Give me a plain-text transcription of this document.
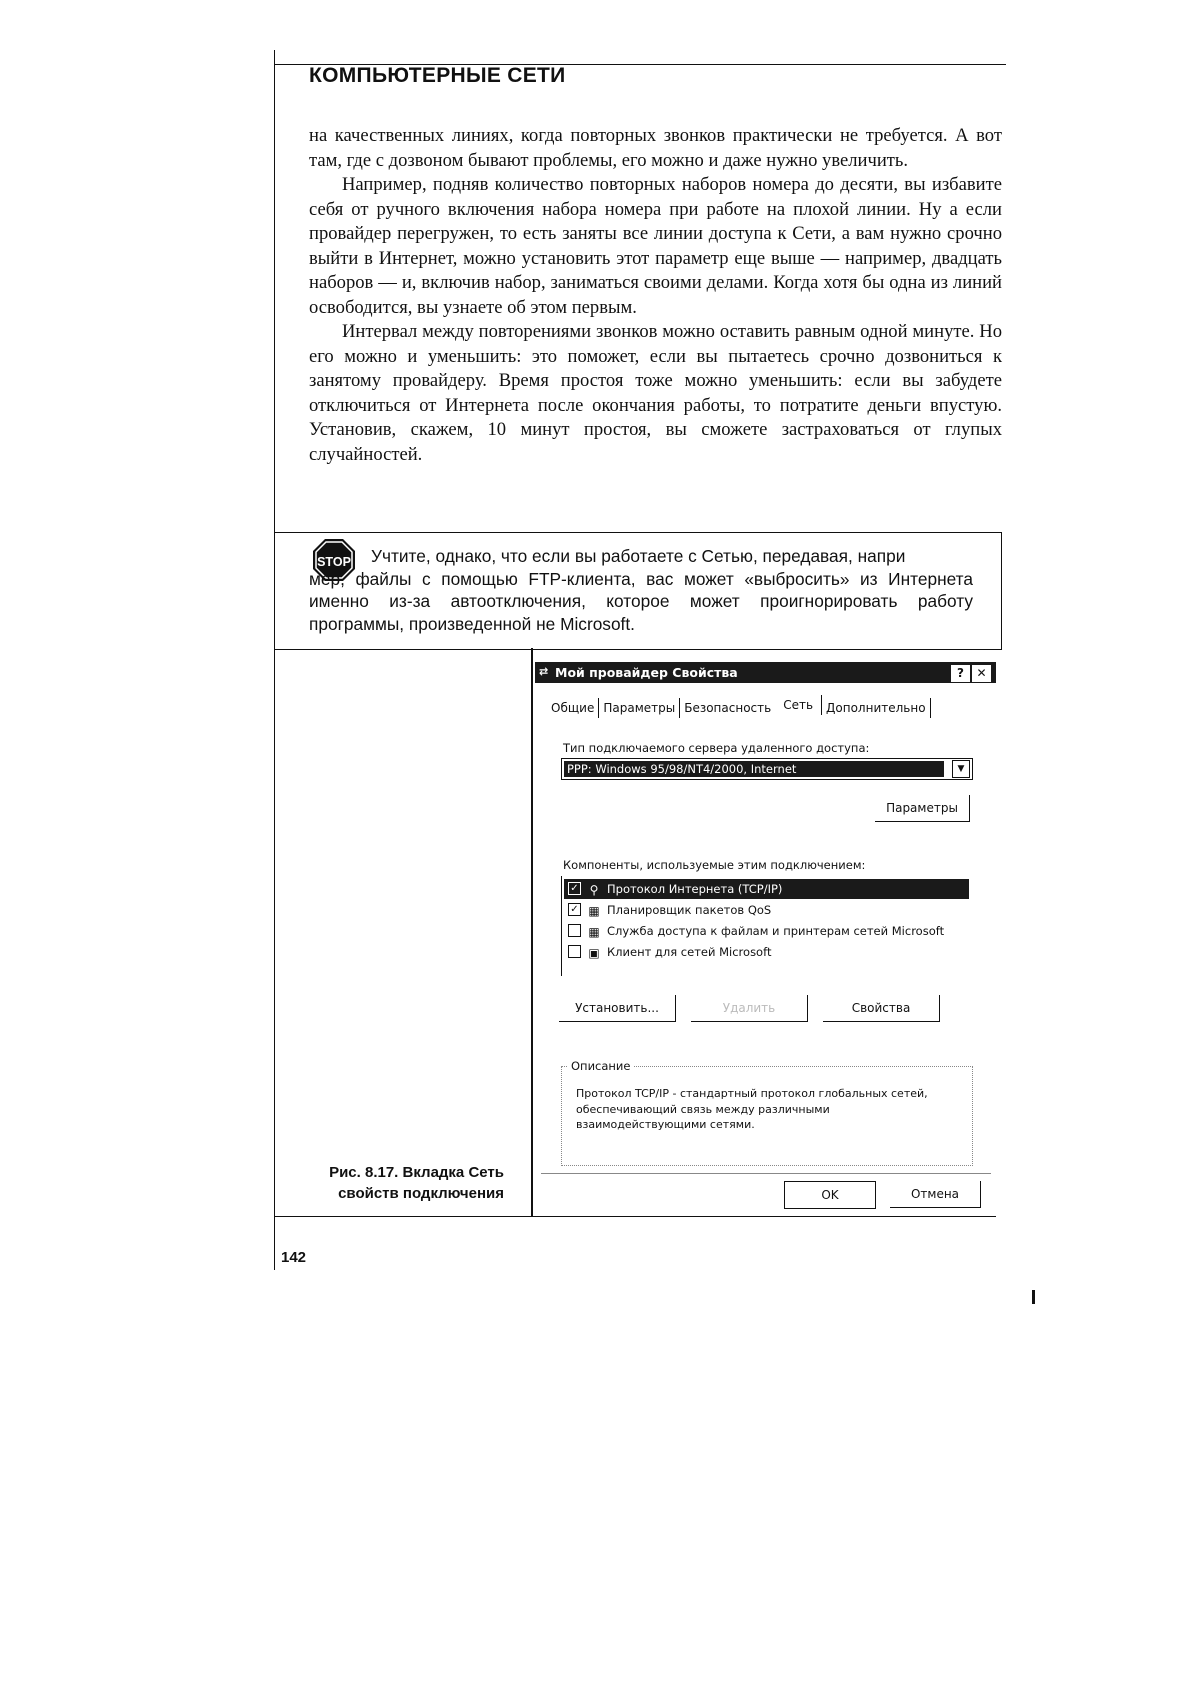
КОМПЬЮТЕРНЫЕ СЕТИ

на качественных линиях, когда повторных звонков практически не требуется. А вот там, где с дозвоном бывают проблемы, его можно и даже нужно увеличить.

Например, подняв количество повторных наборов номера до десяти, вы избавите себя от ручного включения набора номера при работе на плохой линии. Ну а если провайдер перегружен, то есть заняты все линии доступа к Сети, а вам нужно срочно выйти в Интернет, можно установить этот параметр еще выше — например, двадцать наборов — и, включив набор, заниматься своими делами. Когда хотя бы одна из линий освободится, вы узнаете об этом первым.

Интервал между повторениями звонков можно оставить равным одной минуте. Но его можно и уменьшить: это поможет, если вы пытаетесь срочно дозвониться к занятому провайдеру. Время простоя тоже можно уменьшить: если вы забудете отключиться от Интернета после окончания работы, то потратите деньги впустую. Установив, скажем, 10 минут простоя, вы сможете застраховаться от глупых случайностей.

STOP	Учтите, однако, что если вы работаете с Сетью, передавая, напри
мер, файлы с помощью FTP-клиента, вас может «выбросить» из Интернета именно из-за автоотключения, которое может проигнорировать работу программы, произведенной не Microsoft.
Рис. 8.17. Вкладка Сеть
свойств подключения
⇄ Мой провайдер Свойства	?	✕
Общие Параметры Безопасность Сеть Дополнительно
Тип подключаемого сервера удаленного доступа:
PPP: Windows 95/98/NT4/2000, Internet	▼
Параметры
Компоненты, используемые этим подключением:
✓ ⚲ Протокол Интернета (TCP/IP)
✓ ▦ Планировщик пакетов QoS
▦ Служба доступа к файлам и принтерам сетей Microsoft
▣ Клиент для сетей Microsoft
Установить...	Удалить	Свойства
Описание
Протокол TCP/IP - стандартный протокол глобальных сетей, обеспечивающий связь между различными взаимодействующими сетями.
OK	Отмена
142
